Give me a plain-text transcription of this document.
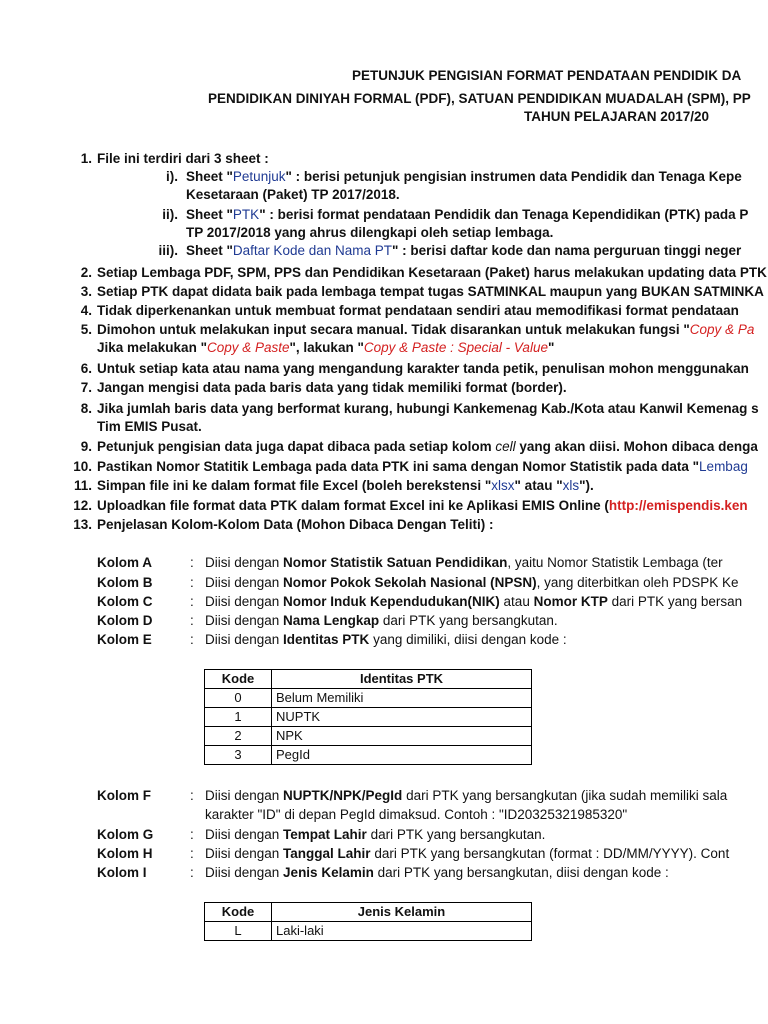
PETUNJUK PENGISIAN FORMAT PENDATAAN PENDIDIK DA
PENDIDIKAN DINIYAH FORMAL (PDF), SATUAN PENDIDIKAN MUADALAH (SPM), PP
TAHUN PELAJARAN 2017/20
1. File ini terdiri dari 3 sheet :
i). Sheet "Petunjuk" : berisi petunjuk pengisian instrumen data Pendidik dan Tenaga Kepe
Kesetaraan (Paket) TP 2017/2018.
ii). Sheet "PTK" : berisi format pendataan Pendidik dan Tenaga Kependidikan (PTK) pada P
TP 2017/2018 yang ahrus dilengkapi oleh setiap lembaga.
iii). Sheet "Daftar Kode dan Nama PT" : berisi daftar kode dan nama perguruan tinggi neger
2. Setiap Lembaga PDF, SPM, PPS dan Pendidikan Kesetaraan (Paket) harus melakukan updating data PTK
3. Setiap PTK dapat didata baik pada lembaga tempat tugas SATMINKAL maupun yang BUKAN SATMINKA
4. Tidak diperkenankan untuk membuat format pendataan sendiri atau memodifikasi format pendataan
5. Dimohon untuk melakukan input secara manual. Tidak disarankan untuk melakukan fungsi "Copy & Pa
Jika melakukan "Copy & Paste", lakukan "Copy & Paste : Special - Value"
6. Untuk setiap kata atau nama yang mengandung karakter tanda petik, penulisan mohon menggunakan
7. Jangan mengisi data pada baris data yang tidak memiliki format (border).
8. Jika jumlah baris data yang berformat kurang, hubungi Kankemenag Kab./Kota atau Kanwil Kemenag s
Tim EMIS Pusat.
9. Petunjuk pengisian data juga dapat dibaca pada setiap kolom cell yang akan diisi. Mohon dibaca denga
10. Pastikan Nomor Statitik Lembaga pada data PTK ini sama dengan Nomor Statistik pada data "Lembag
11. Simpan file ini ke dalam format file Excel (boleh berekstensi "xlsx" atau "xls").
12. Uploadkan file format data PTK dalam format Excel ini ke Aplikasi EMIS Online (http://emispendis.ken
13. Penjelasan Kolom-Kolom Data (Mohon Dibaca Dengan Teliti) :
Kolom A	: Diisi dengan Nomor Statistik Satuan Pendidikan, yaitu Nomor Statistik Lembaga (ter
Kolom B	: Diisi dengan Nomor Pokok Sekolah Nasional (NPSN), yang diterbitkan oleh PDSPK Ke
Kolom C	: Diisi dengan Nomor Induk Kependudukan(NIK) atau Nomor KTP dari PTK yang bersan
Kolom D	: Diisi dengan Nama Lengkap dari PTK yang bersangkutan.
Kolom E	: Diisi dengan Identitas PTK yang dimiliki, diisi dengan kode :
Kode	Identitas PTK
0	Belum Memiliki
1	NUPTK
2	NPK
3	PegId
Kolom F	: Diisi dengan NUPTK/NPK/PegId dari PTK yang bersangkutan (jika sudah memiliki sala
karakter "ID" di depan PegId dimaksud. Contoh : "ID20325321985320"
Kolom G	: Diisi dengan Tempat Lahir dari PTK yang bersangkutan.
Kolom H	: Diisi dengan Tanggal Lahir dari PTK yang bersangkutan (format : DD/MM/YYYY). Cont
Kolom I	: Diisi dengan Jenis Kelamin dari PTK yang bersangkutan, diisi dengan kode :
Kode	Jenis Kelamin
L	Laki-laki
